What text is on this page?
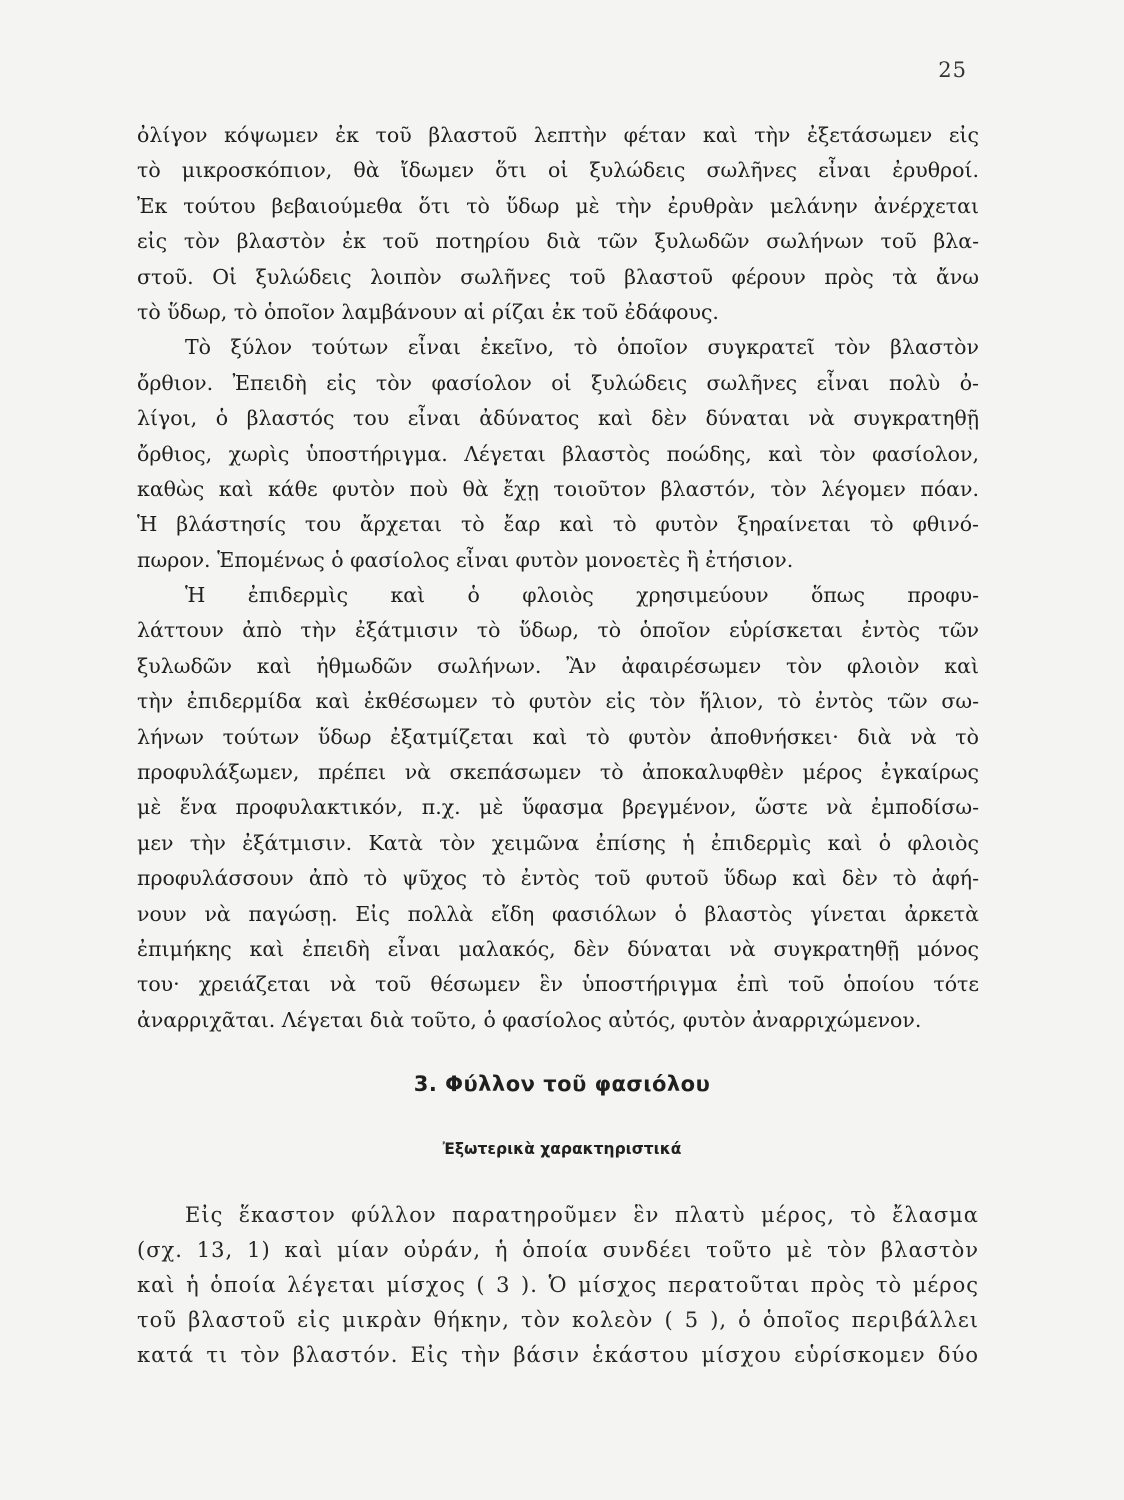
25
ὀλίγον κόψωμεν ἐκ τοῦ βλαστοῦ λεπτὴν φέταν καὶ τὴν ἐξετάσωμεν εἰς
τὸ μικροσκόπιον, θὰ ἴδωμεν ὅτι οἱ ξυλώδεις σωλῆνες εἶναι ἐρυθροί.
Ἐκ τούτου βεβαιούμεθα ὅτι τὸ ὕδωρ μὲ τὴν ἐρυθρὰν μελάνην ἀνέρχεται
εἰς τὸν βλαστὸν ἐκ τοῦ ποτηρίου διὰ τῶν ξυλωδῶν σωλήνων τοῦ βλα-
στοῦ. Οἱ ξυλώδεις λοιπὸν σωλῆνες τοῦ βλαστοῦ φέρουν πρὸς τὰ ἄνω
τὸ ὕδωρ, τὸ ὁποῖον λαμβάνουν αἱ ρίζαι ἐκ τοῦ ἐδάφους.
Τὸ ξύλον τούτων εἶναι ἐκεῖνο, τὸ ὁποῖον συγκρατεῖ τὸν βλαστὸν
ὄρθιον. Ἐπειδὴ εἰς τὸν φασίολον οἱ ξυλώδεις σωλῆνες εἶναι πολὺ ὀ-
λίγοι, ὁ βλαστός του εἶναι ἀδύνατος καὶ δὲν δύναται νὰ συγκρατηθῇ
ὄρθιος, χωρὶς ὑποστήριγμα. Λέγεται βλαστὸς ποώδης, καὶ τὸν φασίολον,
καθὼς καὶ κάθε φυτὸν ποὺ θὰ ἔχῃ τοιοῦτον βλαστόν, τὸν λέγομεν πόαν.
Ἡ βλάστησίς του ἄρχεται τὸ ἔαρ καὶ τὸ φυτὸν ξηραίνεται τὸ φθινό-
πωρον. Ἑπομένως ὁ φασίολος εἶναι φυτὸν μονοετὲς ἢ ἐτήσιον.
Ἡ ἐπιδερμὶς καὶ ὁ φλοιὸς χρησιμεύουν ὅπως προφυ-
λάττουν ἀπὸ τὴν ἐξάτμισιν τὸ ὕδωρ, τὸ ὁποῖον εὑρίσκεται ἐντὸς τῶν
ξυλωδῶν καὶ ἠθμωδῶν σωλήνων. Ἂν ἀφαιρέσωμεν τὸν φλοιὸν καὶ
τὴν ἐπιδερμίδα καὶ ἐκθέσωμεν τὸ φυτὸν εἰς τὸν ἥλιον, τὸ ἐντὸς τῶν σω-
λήνων τούτων ὕδωρ ἐξατμίζεται καὶ τὸ φυτὸν ἀποθνήσκει· διὰ νὰ τὸ
προφυλάξωμεν, πρέπει νὰ σκεπάσωμεν τὸ ἀποκαλυφθὲν μέρος ἐγκαίρως
μὲ ἕνα προφυλακτικόν, π.χ. μὲ ὕφασμα βρεγμένον, ὥστε νὰ ἐμποδίσω-
μεν τὴν ἐξάτμισιν. Κατὰ τὸν χειμῶνα ἐπίσης ἡ ἐπιδερμὶς καὶ ὁ φλοιὸς
προφυλάσσουν ἀπὸ τὸ ψῦχος τὸ ἐντὸς τοῦ φυτοῦ ὕδωρ καὶ δὲν τὸ ἀφή-
νουν νὰ παγώσῃ. Εἰς πολλὰ εἴδη φασιόλων ὁ βλαστὸς γίνεται ἀρκετὰ
ἐπιμήκης καὶ ἐπειδὴ εἶναι μαλακός, δὲν δύναται νὰ συγκρατηθῇ μόνος
του· χρειάζεται νὰ τοῦ θέσωμεν ἓν ὑποστήριγμα ἐπὶ τοῦ ὁποίου τότε
ἀναρριχᾶται. Λέγεται διὰ τοῦτο, ὁ φασίολος αὐτός, φυτὸν ἀναρριχώμενον.
3. Φύλλον τοῦ φασιόλου
Ἐξωτερικὰ χαρακτηριστικά
Εἰς ἕκαστον φύλλον παρατηροῦμεν ἓν πλατὺ μέρος, τὸ ἔλασμα
(σχ. 13, 1) καὶ μίαν οὐράν, ἡ ὁποία συνδέει τοῦτο μὲ τὸν βλαστὸν
καὶ ἡ ὁποία λέγεται μίσχος ( 3 ). Ὁ μίσχος περατοῦται πρὸς τὸ μέρος
τοῦ βλαστοῦ εἰς μικρὰν θήκην, τὸν κολεὸν ( 5 ), ὁ ὁποῖος περιβάλλει
κατά τι τὸν βλαστόν. Εἰς τὴν βάσιν ἑκάστου μίσχου εὑρίσκομεν δύο
